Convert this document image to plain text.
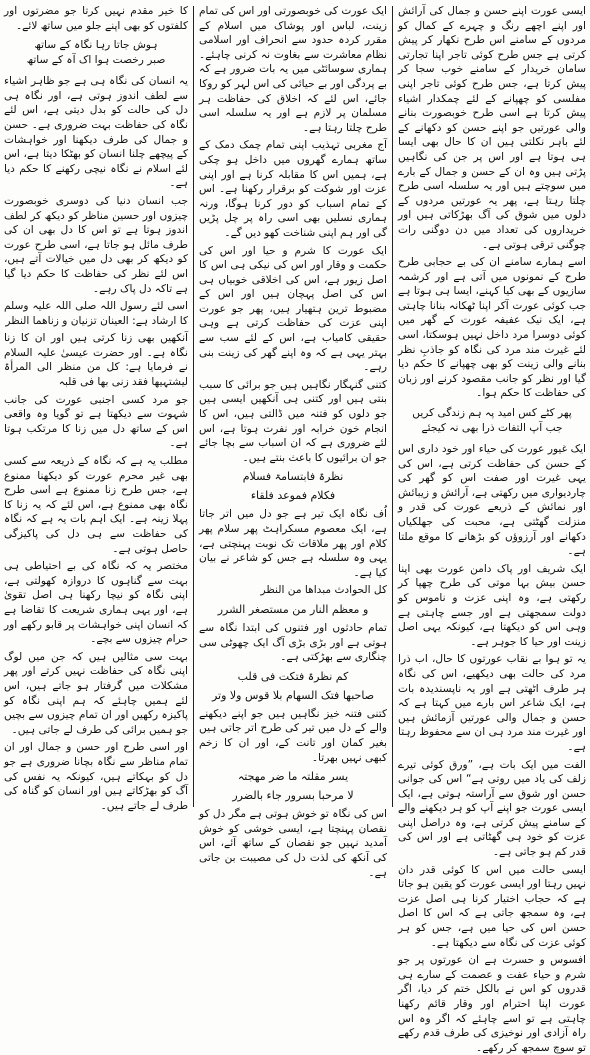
ایسی عورت اپنے حسن و جمال کی آرائش اور اپنے اچھے رنگ و چہرے کے کمال کو مردوں کے سامنے اس طرح نکھار کر پیش کرتی ہے جس طرح کوئی تاجر اپنا تجارتی سامان خریدار کے سامنے خوب سجا کر پیش کرتا ہے، جس طرح کوئی تاجر اپنی مفلسی کو چھپانے کے لئے چمکدار اشیاء پیش کرتا ہے اسی طرح خوبصورت بنانے والی عورتیں جو اپنے حسن کو دکھانے کے لئے باہر نکلتی ہیں ان کا حال بھی ایسا ہی ہوتا ہے اور اس پر جن کی نگاہیں پڑتی ہیں وہ ان کے حسن و جمال کے بارے میں سوچتے ہیں اور یہ سلسلہ اسی طرح چلتا رہتا ہے، پھر یہ عورتیں مردوں کے دلوں میں شوق کی آگ بھڑکاتی ہیں اور خریداروں کی تعداد میں دن دوگنی رات چوگنی ترقی ہوتی ہے۔

اسے ہمارے سامنے ان کی بے حجابی طرح طرح کے نمونوں میں آتی ہے اور کرشمہ سازیوں کے بھی کیا کہنے، ایسا ہی ہوتا ہے جب کوئی عورت آکر اپنا ٹھکانہ بنانا چاہتی ہے، ایک نیک عفیفہ عورت کے گھر میں کوئی دوسرا مرد داخل نہیں ہوسکتا، اسی لئے غیرت مند مرد کی نگاہ کو جاذبِ نظر بنانے والی زینت کو بھی چھپانے کا حکم دیا گیا اور نظر کو جانب مقصود کرنے اور زبان کی حفاظت کا حکم ہوا۔

پھر کٹے کس امید پہ ہم زندگی کریں
جب آپ التفات ذرا بھی نہ کیجئے

ایک غیور عورت کی حیاء اور خود داری اس کے حسن کی حفاظت کرتی ہے، اس کی یہی غیرت اور صفت اس کو گھر کی چاردیواری میں رکھتی ہے، آرائش و زیبائش اور نمائش کے ذریعے عورت کی قدر و منزلت گھٹتی ہے، محبت کی جھلکیاں دکھانے اور آرزوؤں کو بڑھانے کا موقع ملتا ہے۔

ایک شریف اور پاک دامن عورت بھی اپنا حسن بیش بہا موتی کی طرح چھپا کر رکھتی ہے، وہ اپنی عزت و ناموس کو دولت سمجھتی ہے اور جسے چاہتی ہے وہی اس کو دیکھتا ہے، کیونکہ یہی اصل زینت اور حیا کا جوہر ہے۔

یہ تو ہوا بے نقاب عورتوں کا حال، اب ذرا مرد کی حالت بھی دیکھیے، اس کی نگاہ ہر طرف اٹھتی ہے اور یہ ناپسندیدہ بات ہے، ایک شاعر اس بارے میں کہتا ہے کہ حسن و جمال والی عورتیں آزمائش ہیں اور غیرت مند مرد ہی ان سے محفوظ رہتا ہے۔

الفت میں ایک بات ہے، ”ورق کوئی تیرے زلف کی یاد میں روتی ہے“ اس کی جوانی حسن اور شوق سے آراستہ ہوتی ہے، ایک ایسی عورت جو اپنے آپ کو ہر دیکھنے والے کے سامنے پیش کرتی ہے، وہ دراصل اپنی عزت کو خود ہی گھٹاتی ہے اور اس کی قدر کم ہو جاتی ہے۔

ایسی حالت میں اس کا کوئی قدر دان نہیں رہتا اور ایسی عورت کو یقین ہو جاتا ہے کہ حجاب اختیار کرنا ہی اصل عزت ہے، وہ سمجھ جاتی ہے کہ اس کا اصل حسن اس کی حیا میں ہے، جس کو ہر کوئی عزت کی نگاہ سے دیکھتا ہے۔

افسوس و حسرت ہے ان عورتوں پر جو شرم و حیاء عفت و عصمت کے سارے ہی قدروں کو اس نے بالکل ختم کر دیا، اگر عورت اپنا احترام اور وقار قائم رکھنا چاہتی ہے تو اسے چاہئے کہ اگر وہ اس راہ آزادی اور نوخیزی کی طرف قدم رکھے تو سوچ سمجھ کر رکھے۔

ایک عورت کی خوبصورتی اور اس کی تمام زینت، لباس اور پوشاک میں اسلام کے مقرر کردہ حدود سے انحراف اور اسلامی نظام معاشرت سے بغاوت نہ کرنی چاہئے۔ ہماری سوسائٹی میں یہ بات ضرور ہے کہ بے پردگی اور بے حیائی کی اس لہر کو روکا جائے، اس لئے کہ اخلاق کی حفاظت ہر مسلمان پر لازم ہے اور یہ سلسلہ اسی طرح چلتا رہتا ہے۔

آج مغربی تہذیب اپنی تمام چمک دمک کے ساتھ ہمارے گھروں میں داخل ہو چکی ہے، ہمیں اس کا مقابلہ کرنا ہے اور اپنی عزت اور شوکت کو برقرار رکھنا ہے۔ اس کے تمام اسباب کو دور کرنا ہوگا، ورنہ ہماری نسلیں بھی اسی راہ پر چل پڑیں گی اور ہم اپنی شناخت کھو دیں گے۔

ایک عورت کا شرم و حیا اور اس کی حکمت و وقار اور اس کی نیکی ہی اس کا اصل زیور ہے، اس کی اخلاقی خوبیاں ہی اس کی اصل پہچان ہیں اور اس کے مضبوط ترین ہتھیار ہیں، پھر جو عورت اپنی عزت کی حفاظت کرتی ہے وہی حقیقی کامیاب ہے، اس کے لئے سب سے بہتر یہی ہے کہ وہ اپنے گھر کی زینت بنی رہے۔

کتنی گنہگار نگاہیں ہیں جو برائی کا سبب بنتی ہیں اور کتنی ہی آنکھیں ایسی ہیں جو دلوں کو فتنہ میں ڈالتی ہیں، اس کا انجام خون خرابہ اور نفرت ہوتا ہے، اس لئے ضروری ہے کہ ان اسباب سے بچا جائے جو ان برائیوں کا باعث بنتے ہیں۔

نظرۃ فابتسامۃ فسلام
فکلام فموعد فلقاء

اُف نگاہ ایک تیر ہے جو دل میں اتر جاتا ہے، ایک معصوم مسکراہٹ پھر سلام پھر کلام اور پھر ملاقات تک نوبت پہنچتی ہے، یہی وہ سلسلہ ہے جس کو شاعر نے بیان کیا ہے۔

کل الحوادث مبداھا من النظر

و معظم النار من مستصغر الشرر

تمام حادثوں اور فتنوں کی ابتدا نگاہ سے ہوتی ہے اور بڑی بڑی آگ ایک چھوٹی سی چنگاری سے بھڑکتی ہے۔

کم نظرۃ فتکت فی قلب
صاحبھا فتک السھام بلا قوس ولا وتر

کتنی فتنہ خیز نگاہیں ہیں جو اپنے دیکھنے والے کے دل میں تیر کی طرح اتر جاتی ہیں بغیر کمان اور تانت کے، اور ان کا زخم کبھی نہیں بھرتا۔

یسر مقلتہ ما ضر مھجتہ
لا مرحبا بسرور جاء بالضرر

اس کی نگاہ تو خوش ہوتی ہے مگر دل کو نقصان پہنچتا ہے، ایسی خوشی کو خوش آمدید نہیں جو نقصان کے ساتھ آئے، اس کی آنکھ کی لذت دل کی مصیبت بن جاتی ہے۔

کا خیر مقدم نہیں کرتا جو مضرتوں اور کلفتوں کو بھی اپنے جلو میں ساتھ لائے۔

ہوش جاتا رہا نگاہ کے ساتھ
صبر رخصت ہوا اک آہ کے ساتھ

یہ انسان کی نگاہ ہی ہے جو ظاہر اشیاء سے لطف اندوز ہوتی ہے، اور نگاہ ہی دل کی حالت کو بدل دیتی ہے، اس لئے نگاہ کی حفاظت بہت ضروری ہے۔ حسن و جمال کی طرف دیکھنا اور خواہشات کے پیچھے چلنا انسان کو بھٹکا دیتا ہے، اس لئے اسلام نے نگاہ نیچی رکھنے کا حکم دیا ہے۔

جب انسان دنیا کی دوسری خوبصورت چیزوں اور حسین مناظر کو دیکھ کر لطف اندوز ہوتا ہے تو اس کا دل بھی ان کی طرف مائل ہو جاتا ہے، اسی طرح عورت کو دیکھ کر بھی دل میں خیالات آتے ہیں، اس لئے نظر کی حفاظت کا حکم دیا گیا ہے تاکہ دل پاک رہے۔

اسی لئے رسول اللہ صلی اللہ علیہ وسلم کا ارشاد ہے: العینان تزنیان و زناھما النظر

آنکھیں بھی زنا کرتی ہیں اور ان کا زنا نگاہ ہے۔ اور حضرت عیسیٰ علیہ السلام نے فرمایا ہے: کل من منظر الی المرأۃ لیشتہیھا فقد زنی بھا فی قلبہ

جو مرد کسی اجنبی عورت کی جانب شہوت سے دیکھتا ہے تو گویا وہ واقعی اس کے ساتھ دل میں زنا کا مرتکب ہوتا ہے۔

مطلب یہ ہے کہ نگاہ کے ذریعہ سے کسی بھی غیر محرم عورت کو دیکھنا ممنوع ہے، جس طرح زنا ممنوع ہے اسی طرح نگاہ بھی ممنوع ہے، اس لئے کہ یہ زنا کا پہلا زینہ ہے۔ ایک اہم بات یہ ہے کہ نگاہ کی حفاظت سے ہی دل کی پاکیزگی حاصل ہوتی ہے۔

مختصر یہ کہ نگاہ کی بے احتیاطی ہی بہت سے گناہوں کا دروازہ کھولتی ہے، اپنی نگاہ کو نیچا رکھنا ہی اصل تقویٰ ہے، اور یہی ہماری شریعت کا تقاضا ہے کہ انسان اپنی خواہشات پر قابو رکھے اور حرام چیزوں سے بچے۔

بہت سی مثالیں ہیں کہ جن میں لوگ اپنی نگاہ کی حفاظت نہیں کرتے اور پھر مشکلات میں گرفتار ہو جاتے ہیں، اس لئے ہمیں چاہئے کہ ہم اپنی نگاہ کو پاکیزہ رکھیں اور ان تمام چیزوں سے بچیں جو ہمیں برائی کی طرف لے جاتی ہیں۔

اور اسی طرح اور حسن و جمال اور ان تمام مناظر سے نگاہ بچانا ضروری ہے جو دل کو بہکاتے ہیں، کیونکہ یہ نفس کی آگ کو بھڑکاتے ہیں اور انسان کو گناہ کی طرف لے جاتے ہیں۔
